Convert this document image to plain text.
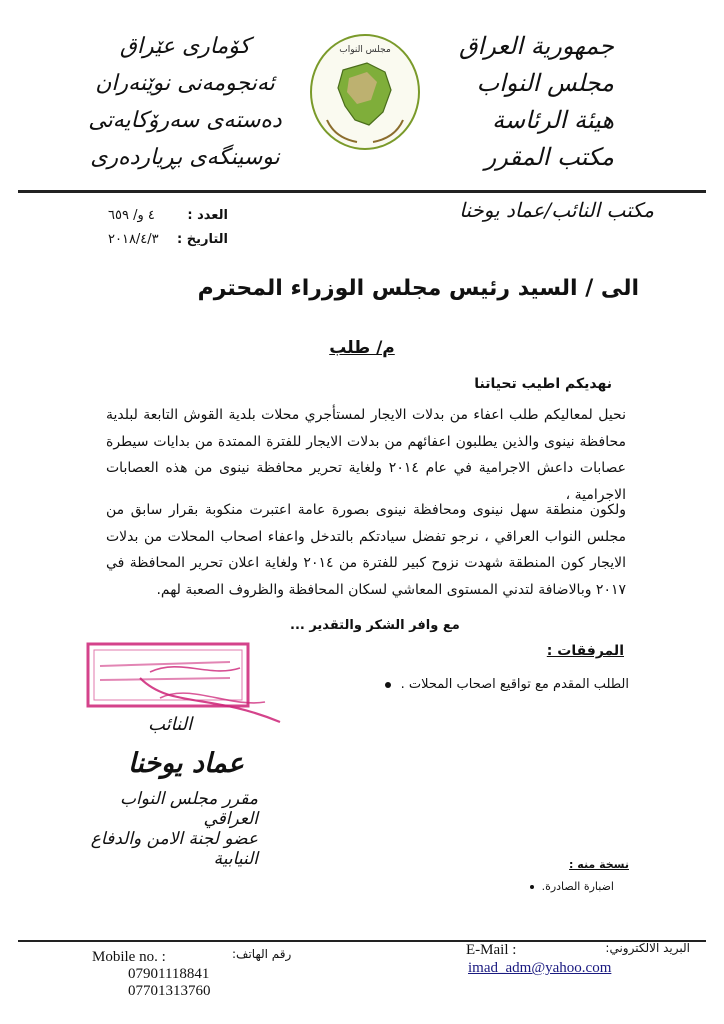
جمهورية العراق
مجلس النواب
هيئة الرئاسة
مكتب المقرر
مجلس النواب
كۆماری عێراق
ئەنجومەنی نوێنەران
دەستەی سەرۆکایەتی
نوسینگەی بڕیاردەری
مكتب النائب/عماد يوخنا
العدد :
٤ و/ ٦٥٩
التاريخ :
٢٠١٨/٤/٣
الى / السيد رئيس مجلس الوزراء المحترم
م/ طلب
نهديكم اطيب تحياتنا
نحيل لمعاليكم طلب اعفاء من بدلات الايجار لمستأجري محلات بلدية القوش التابعة لبلدية محافظة نينوى والذين يطلبون اعفائهم من بدلات الايجار للفترة الممتدة من بدايات سيطرة عصابات داعش الاجرامية في عام ٢٠١٤ ولغاية تحرير محافظة نينوى من هذه العصابات الاجرامية ،
ولكون منطقة سهل نينوى ومحافظة نينوى بصورة عامة اعتبرت منكوبة بقرار سابق من مجلس النواب العراقي ، نرجو تفضل سيادتكم بالتدخل واعفاء اصحاب المحلات من بدلات الايجار كون المنطقة شهدت نزوح كبير للفترة من ٢٠١٤ ولغاية اعلان تحرير المحافظة في ٢٠١٧ وبالاضافة لتدني المستوى المعاشي لسكان المحافظة والظروف الصعبة لهم.
مع وافر الشكر والتقدير ...
المرفقات :
الطلب المقدم مع تواقيع اصحاب المحلات .
النائب
عماد يوخنا
مقرر مجلس النواب العراقي
عضو لجنة الامن والدفاع النيابية	نسخة منه :
اضبارة الصادرة.
Mobile no. :	رقم الهاتف:
07901118841
07701313760
E-Mail :	البريد الالكتروني:
imad_adm@yahoo.com
